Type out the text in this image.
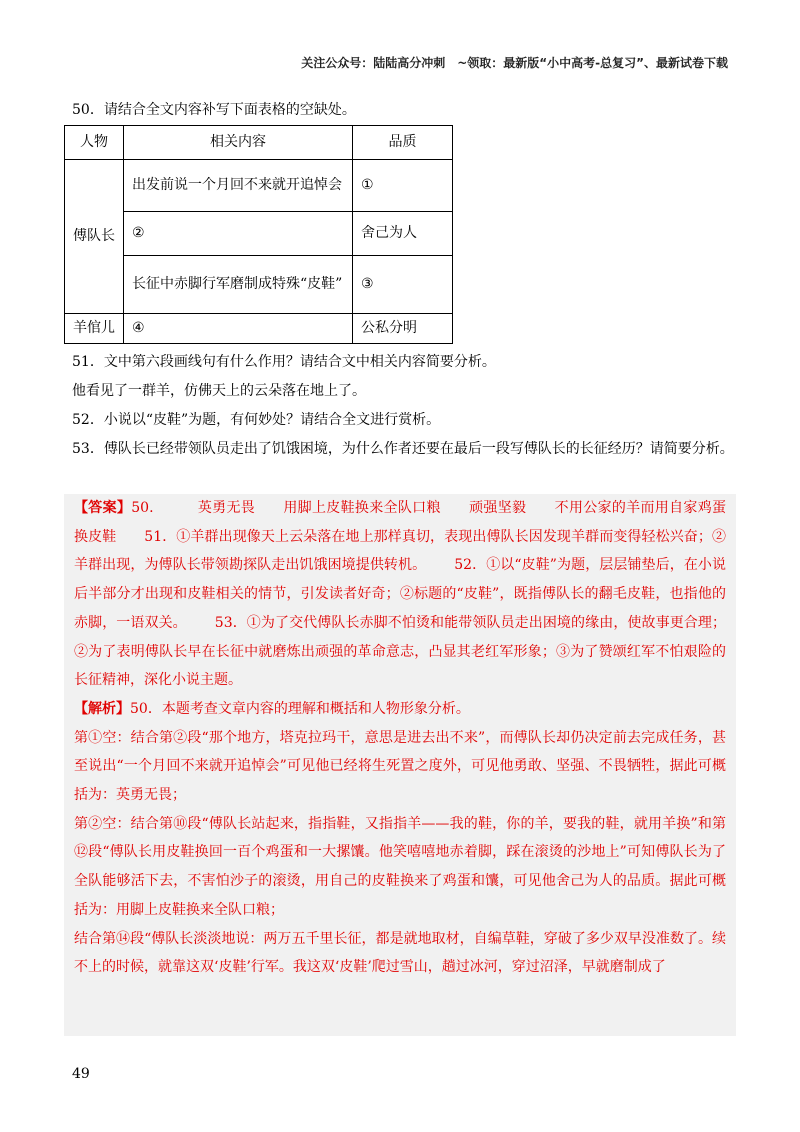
关注公众号：陆陆高分冲刺　~领取：最新版“小中高考-总复习”、最新试卷下载
50．请结合全文内容补写下面表格的空缺处。
人物	相关内容	品质
傅队长	出发前说一个月回不来就开追悼会	①
	②	舍己为人
	长征中赤脚行军磨制成特殊“皮鞋”	③
羊倌儿	④	公私分明
51．文中第六段画线句有什么作用？请结合文中相关内容简要分析。
他看见了一群羊，仿佛天上的云朵落在地上了。
52．小说以“皮鞋”为题，有何妙处？请结合全文进行赏析。
53．傅队长已经带领队员走出了饥饿困境，为什么作者还要在最后一段写傅队长的长征经历？请简要分析。

【答案】50.	英勇无畏 用脚上皮鞋换来全队口粮 顽强坚毅 不用公家的羊而用自家鸡蛋换皮鞋 51．①羊群出现像天上云朵落在地上那样真切，表现出傅队长因发现羊群而变得轻松兴奋；②羊群出现，为傅队长带领勘探队走出饥饿困境提供转机。 52．①以“皮鞋”为题，层层铺垫后，在小说后半部分才出现和皮鞋相关的情节，引发读者好奇；②标题的“皮鞋”，既指傅队长的翻毛皮鞋，也指他的赤脚，一语双关。 53．①为了交代傅队长赤脚不怕烫和能带领队员走出困境的缘由，使故事更合理；②为了表明傅队长早在长征中就磨炼出顽强的革命意志，凸显其老红军形象；③为了赞颂红军不怕艰险的长征精神，深化小说主题。

【解析】50．本题考查文章内容的理解和概括和人物形象分析。

第①空：结合第②段“那个地方，塔克拉玛干，意思是进去出不来”，而傅队长却仍决定前去完成任务，甚至说出“一个月回不来就开追悼会”可见他已经将生死置之度外，可见他勇敢、坚强、不畏牺牲，据此可概括为：英勇无畏；

第②空：结合第⑩段“傅队长站起来，指指鞋，又指指羊——我的鞋，你的羊，要我的鞋，就用羊换”和第⑫段“傅队长用皮鞋换回一百个鸡蛋和一大摞馕。他笑嘻嘻地赤着脚，踩在滚烫的沙地上”可知傅队长为了全队能够活下去，不害怕沙子的滚烫，用自己的皮鞋换来了鸡蛋和馕，可见他舍己为人的品质。据此可概括为：用脚上皮鞋换来全队口粮；

结合第⑭段“傅队长淡淡地说：两万五千里长征，都是就地取材，自编草鞋，穿破了多少双早没准数了。续不上的时候，就靠这双‘皮鞋’行军。我这双‘皮鞋’爬过雪山，趟过冰河，穿过沼泽，早就磨制成了

49
